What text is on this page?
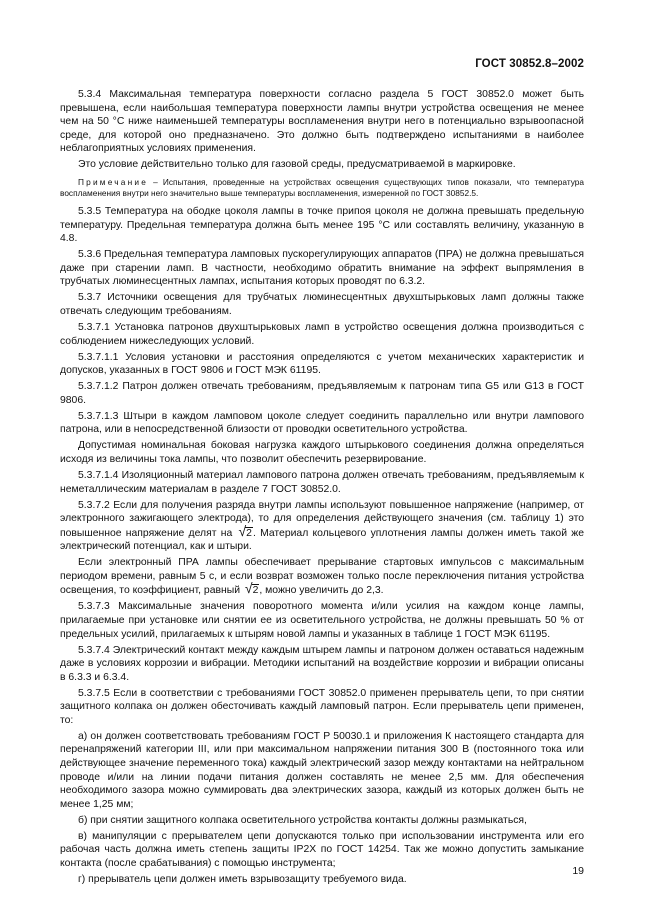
ГОСТ 30852.8–2002

5.3.4 Максимальная температура поверхности согласно раздела 5 ГОСТ 30852.0 может быть превышена, если наибольшая температура поверхности лампы внутри устройства освещения не менее чем на 50 °С ниже наименьшей температуры воспламенения внутри него в потенциально взрывоопасной среде, для которой оно предназначено. Это должно быть подтверждено испытаниями в наиболее неблагоприятных условиях применения.

Это условие действительно только для газовой среды, предусматриваемой в маркировке.

Примечание – Испытания, проведенные на устройствах освещения существующих типов показали, что температура воспламенения внутри него значительно выше температуры воспламенения, измеренной по ГОСТ 30852.5.

5.3.5 Температура на ободке цоколя лампы в точке припоя цоколя не должна превышать предельную температуру. Предельная температура должна быть менее 195 °С или составлять величину, указанную в 4.8.

5.3.6 Предельная температура ламповых пускорегулирующих аппаратов (ПРА) не должна превышаться даже при старении ламп. В частности, необходимо обратить внимание на эффект выпрямления в трубчатых люминесцентных лампах, испытания которых проводят по 6.3.2.

5.3.7 Источники освещения для трубчатых люминесцентных двухштырьковых ламп должны также отвечать следующим требованиям.

5.3.7.1 Установка патронов двухштырьковых ламп в устройство освещения должна производиться с соблюдением нижеследующих условий.

5.3.7.1.1 Условия установки и расстояния определяются с учетом механических характеристик и допусков, указанных в ГОСТ 9806 и ГОСТ МЭК 61195.

5.3.7.1.2 Патрон должен отвечать требованиям, предъявляемым к патронам типа G5 или G13 в ГОСТ 9806.

5.3.7.1.3 Штыри в каждом ламповом цоколе следует соединить параллельно или внутри лампового патрона, или в непосредственной близости от проводки осветительного устройства.

Допустимая номинальная боковая нагрузка каждого штырькового соединения должна определяться исходя из величины тока лампы, что позволит обеспечить резервирование.

5.3.7.1.4 Изоляционный материал лампового патрона должен отвечать требованиям, предъявляемым к неметаллическим материалам в разделе 7 ГОСТ 30852.0.

5.3.7.2 Если для получения разряда внутри лампы используют повышенное напряжение (например, от электронного зажигающего электрода), то для определения действующего значения (см. таблицу 1) это повышенное напряжение делят на √2. Материал кольцевого уплотнения лампы должен иметь такой же электрический потенциал, как и штыри.

Если электронный ПРА лампы обеспечивает прерывание стартовых импульсов с максимальным периодом времени, равным 5 с, и если возврат возможен только после переключения питания устройства освещения, то коэффициент, равный √2, можно увеличить до 2,3.

5.3.7.3 Максимальные значения поворотного момента и/или усилия на каждом конце лампы, прилагаемые при установке или снятии ее из осветительного устройства, не должны превышать 50 % от предельных усилий, прилагаемых к штырям новой лампы и указанных в таблице 1 ГОСТ МЭК 61195.

5.3.7.4 Электрический контакт между каждым штырем лампы и патроном должен оставаться надежным даже в условиях коррозии и вибрации. Методики испытаний на воздействие коррозии и вибрации описаны в 6.3.3 и 6.3.4.

5.3.7.5 Если в соответствии с требованиями ГОСТ 30852.0 применен прерыватель цепи, то при снятии защитного колпака он должен обесточивать каждый ламповый патрон. Если прерыватель цепи применен, то:

а) он должен соответствовать требованиям ГОСТ Р 50030.1 и приложения К настоящего стандарта для перенапряжений категории III, или при максимальном напряжении питания 300 В (постоянного тока или действующее значение переменного тока) каждый электрический зазор между контактами на нейтральном проводе и/или на линии подачи питания должен составлять не менее 2,5 мм. Для обеспечения необходимого зазора можно суммировать два электрических зазора, каждый из которых должен быть не менее 1,25 мм;

б) при снятии защитного колпака осветительного устройства контакты должны размыкаться,

в) манипуляции с прерывателем цепи допускаются только при использовании инструмента или его рабочая часть должна иметь степень защиты IP2X по ГОСТ 14254. Так же можно допустить замыкание контакта (после срабатывания) с помощью инструмента;

г) прерыватель цепи должен иметь взрывозащиту требуемого вида.

19
